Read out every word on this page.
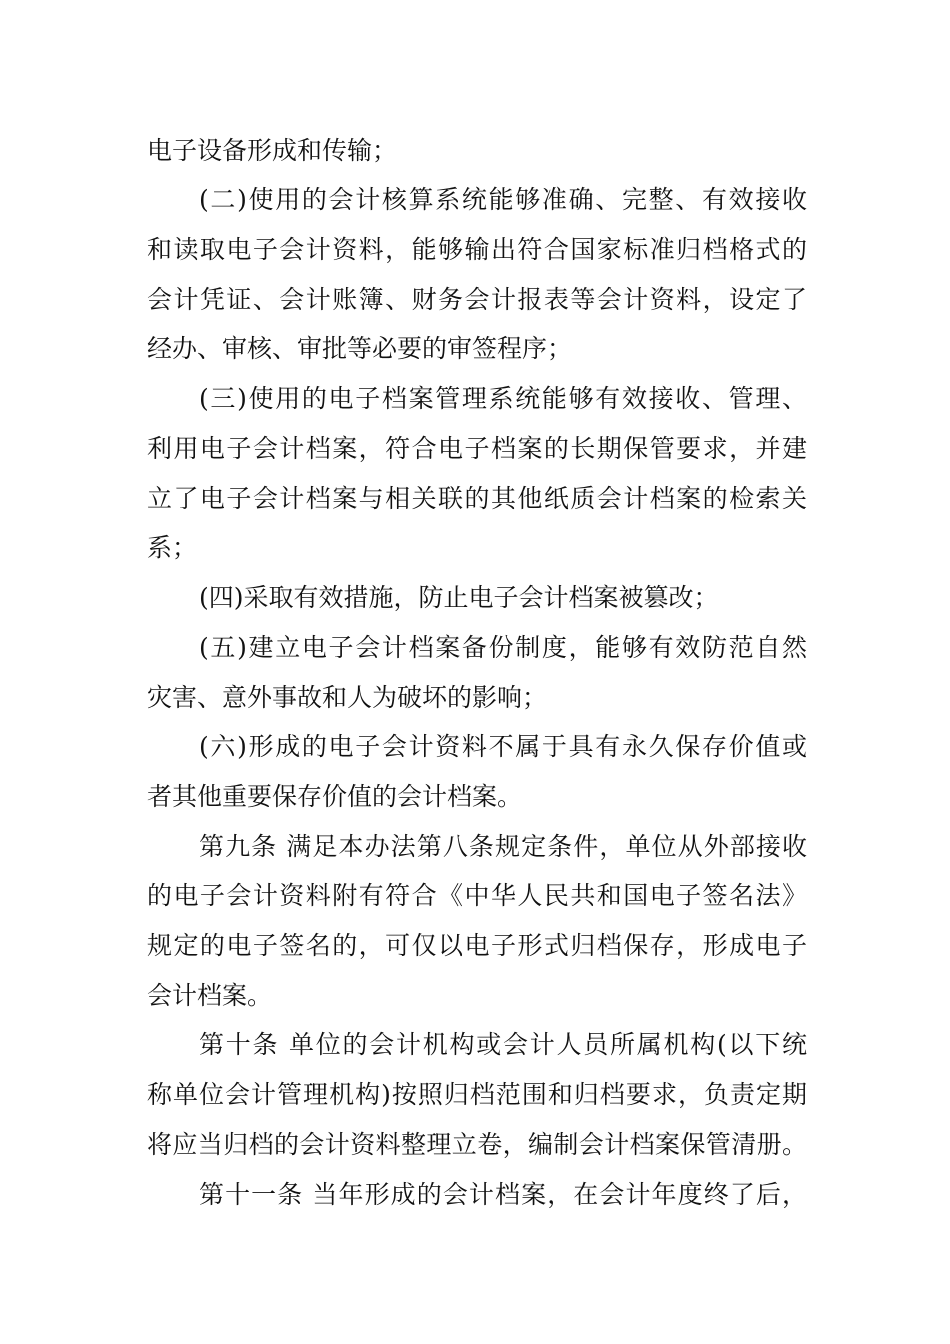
电子设备形成和传输；
(二)使用的会计核算系统能够准确、完整、有效接收
和读取电子会计资料，能够输出符合国家标准归档格式的
会计凭证、会计账簿、财务会计报表等会计资料，设定了
经办、审核、审批等必要的审签程序；
(三)使用的电子档案管理系统能够有效接收、管理、
利用电子会计档案，符合电子档案的长期保管要求，并建
立了电子会计档案与相关联的其他纸质会计档案的检索关
系；
(四)采取有效措施，防止电子会计档案被篡改；
(五)建立电子会计档案备份制度，能够有效防范自然
灾害、意外事故和人为破坏的影响；
(六)形成的电子会计资料不属于具有永久保存价值或
者其他重要保存价值的会计档案。
第九条 满足本办法第八条规定条件，单位从外部接收
的电子会计资料附有符合《中华人民共和国电子签名法》
规定的电子签名的，可仅以电子形式归档保存，形成电子
会计档案。
第十条 单位的会计机构或会计人员所属机构(以下统
称单位会计管理机构)按照归档范围和归档要求，负责定期
将应当归档的会计资料整理立卷，编制会计档案保管清册。
第十一条 当年形成的会计档案，在会计年度终了后，
